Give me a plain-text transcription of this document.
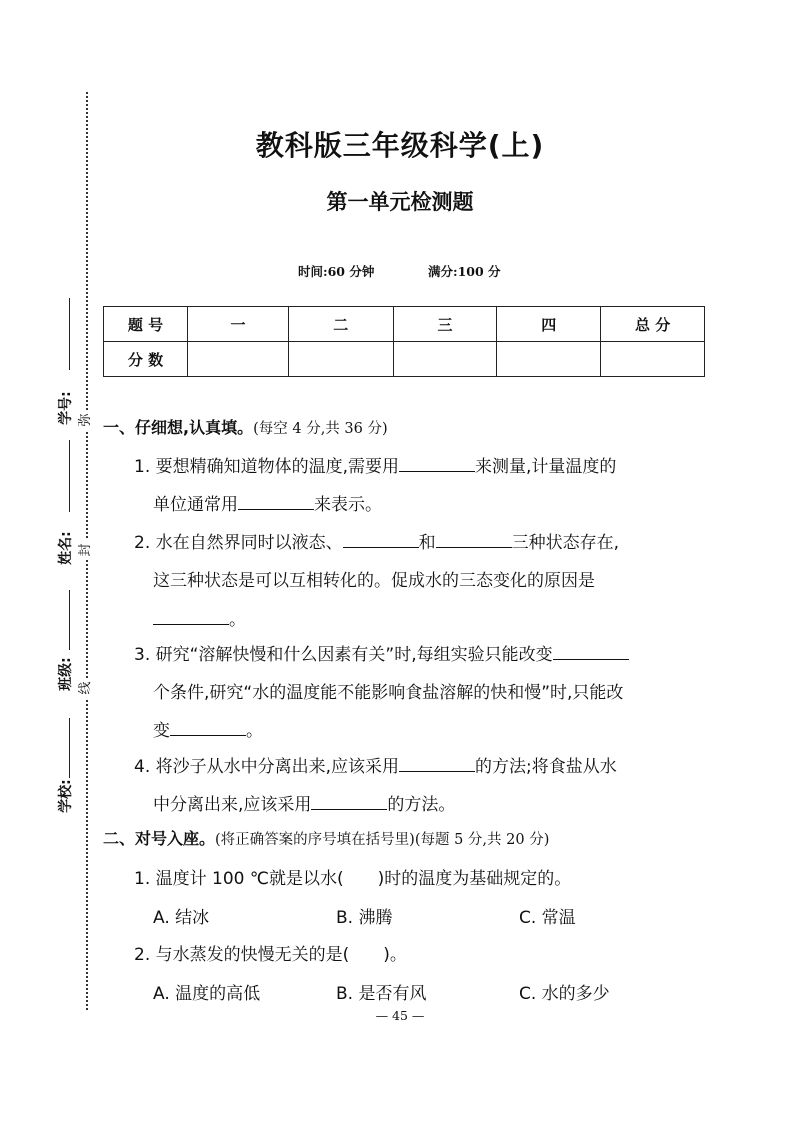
学号: 弥
姓名: 封
班级: 线
学校:
教科版三年级科学(上)
第一单元检测题
时间:60 分钟	满分:100 分
题 号	一	二	三	四	总 分
分 数					
一、仔细想,认真填。(每空 4 分,共 36 分)
1. 要想精确知道物体的温度,需要用	来测量,计量温度的
单位通常用	来表示。
2. 水在自然界同时以液态、	和	三种状态存在,
这三种状态是可以互相转化的。促成水的三态变化的原因是
。
3. 研究“溶解快慢和什么因素有关”时,每组实验只能改变
个条件,研究“水的温度能不能影响食盐溶解的快和慢”时,只能改
变	。
4. 将沙子从水中分离出来,应该采用	的方法;将食盐从水
中分离出来,应该采用	的方法。
二、对号入座。(将正确答案的序号填在括号里)(每题 5 分,共 20 分)
1. 温度计 100 ℃就是以水(　　)时的温度为基础规定的。
A. 结冰	B. 沸腾	C. 常温
2. 与水蒸发的快慢无关的是(　　)。
A. 温度的高低	B. 是否有风	C. 水的多少
— 45 —
